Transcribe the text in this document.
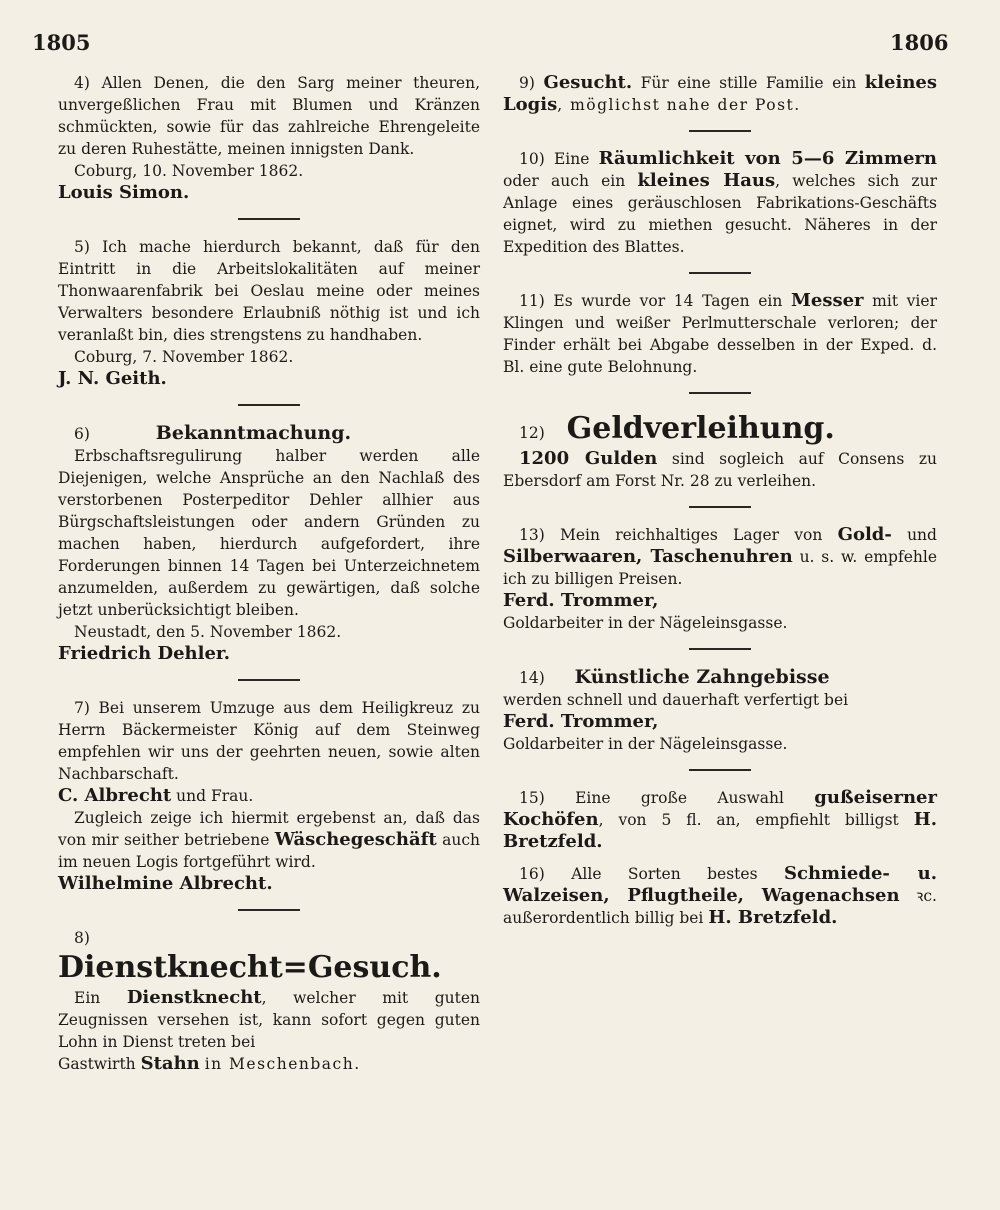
1805	1806

4) Allen Denen, die den Sarg meiner theuren, unvergeßlichen Frau mit Blumen und Kränzen schmückten, sowie für das zahlreiche Ehrengeleite zu deren Ruhestätte, meinen innigsten Dank.

Coburg, 10. November 1862.

Louis Simon.

5) Ich mache hierdurch bekannt, daß für den Eintritt in die Arbeitslokalitäten auf meiner Thonwaarenfabrik bei Oeslau meine oder meines Verwalters besondere Erlaubniß nöthig ist und ich veranlaßt bin, dies strengstens zu handhaben.

Coburg, 7. November 1862.

J. N. Geith.

6)	Bekanntmachung.

Erbschaftsregulirung halber werden alle Diejenigen, welche Ansprüche an den Nachlaß des verstorbenen Posterpeditor Dehler allhier aus Bürgschaftsleistungen oder andern Gründen zu machen haben, hierdurch aufgefordert, ihre Forderungen binnen 14 Tagen bei Unterzeichnetem anzumelden, außerdem zu gewärtigen, daß solche jetzt unberücksichtigt bleiben.

Neustadt, den 5. November 1862.

Friedrich Dehler.

7) Bei unserem Umzuge aus dem Heiligkreuz zu Herrn Bäckermeister König auf dem Steinweg empfehlen wir uns der geehrten neuen, sowie alten Nachbarschaft.

C. Albrecht und Frau.

Zugleich zeige ich hiermit ergebenst an, daß das von mir seither betriebene Wäschegeschäft auch im neuen Logis fortgeführt wird.

Wilhelmine Albrecht.

8)  Dienstknecht=Gesuch.

Ein Dienstknecht, welcher mit guten Zeugnissen versehen ist, kann sofort gegen guten Lohn in Dienst treten bei

Gastwirth Stahn in Meschenbach.

9) Gesucht. Für eine stille Familie ein kleines Logis, möglichst nahe der Post.

10) Eine Räumlichkeit von 5—6 Zimmern oder auch ein kleines Haus, welches sich zur Anlage eines geräuschlosen Fabrikations-Geschäfts eignet, wird zu miethen gesucht. Näheres in der Expedition des Blattes.

11) Es wurde vor 14 Tagen ein Messer mit vier Klingen und weißer Perlmutterschale verloren; der Finder erhält bei Abgabe desselben in der Exped. d. Bl. eine gute Belohnung.

12) Geldverleihung.

1200 Gulden sind sogleich auf Consens zu Ebersdorf am Forst Nr. 28 zu verleihen.

13) Mein reichhaltiges Lager von Gold- und Silberwaaren, Taschenuhren u. s. w. empfehle ich zu billigen Preisen.

Ferd. Trommer,

Goldarbeiter in der Nägeleinsgasse.

14) Künstliche Zahngebisse

werden schnell und dauerhaft verfertigt bei

Ferd. Trommer,

Goldarbeiter in der Nägeleinsgasse.

15) Eine große Auswahl gußeiserner Kochöfen, von 5 fl. an, empfiehlt billigst H. Bretzfeld.

16) Alle Sorten bestes Schmiede- u. Walzeisen, Pflugtheile, Wagenachsen ꝛc. außerordentlich billig bei H. Bretzfeld.
